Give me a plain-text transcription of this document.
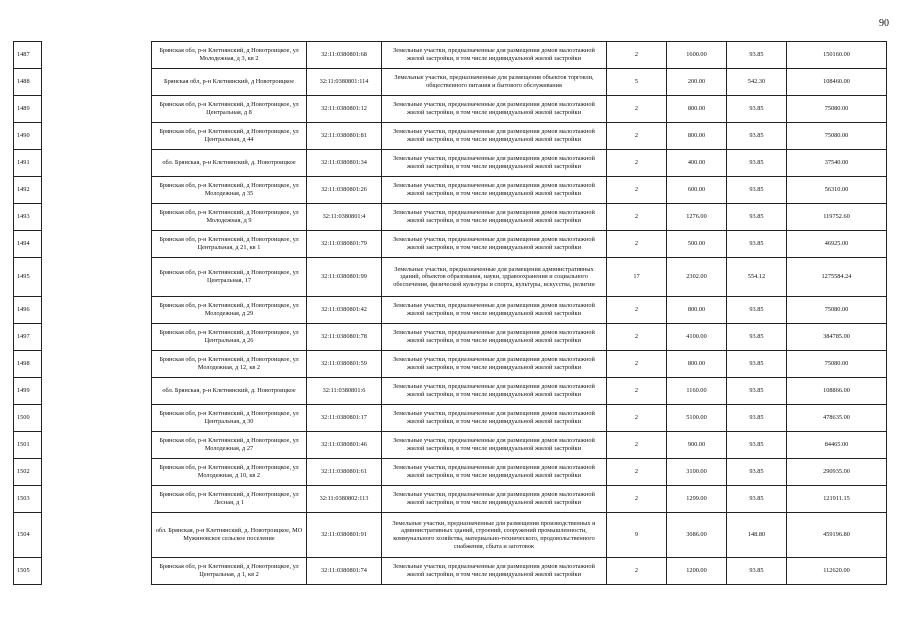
90
1487		Брянская обл, р-н Клетнянский, д Новотроицкое, ул Молодежная, д 3, кв 2	32:11:0380801:68	Земельные участки, предназначенные для размещения домов малоэтажной жилой застройки, в том числе индивидуальной жилой застройки	2	1600.00	93.85	150160.00
1488		Брянская обл, р-н Клетнянский, д Новотроицкое	32:11:0380801:114	Земельные участки, предназначенные для размещения объектов торговли, общественного питания и бытового обслуживания	5	200.00	542.30	108460.00
1489		Брянская обл, р-н Клетнянский, д Новотроицкое, ул Центральная, д 8	32:11:0380801:12	Земельные участки, предназначенные для размещения домов малоэтажной жилой застройки, в том числе индивидуальной жилой застройки	2	800.00	93.85	75080.00
1490		Брянская обл, р-н Клетнянский, д Новотроицкое, ул Центральная, д 44	32:11:0380801:81	Земельные участки, предназначенные для размещения домов малоэтажной жилой застройки, в том числе индивидуальной жилой застройки	2	800.00	93.85	75080.00
1491		обл. Брянская, р-н Клетнянский, д. Новотроицкое	32:11:0380801:34	Земельные участки, предназначенные для размещения домов малоэтажной жилой застройки, в том числе индивидуальной жилой застройки	2	400.00	93.85	37540.00
1492		Брянская обл, р-н Клетнянский, д Новотроицкое, ул Молодежная, д 35	32:11:0380801:26	Земельные участки, предназначенные для размещения домов малоэтажной жилой застройки, в том числе индивидуальной жилой застройки	2	600.00	93.85	56310.00
1493		Брянская обл, р-н Клетнянский, д Новотроицкое, ул Молодежная, д 9	32:11:0380801:4	Земельные участки, предназначенные для размещения домов малоэтажной жилой застройки, в том числе индивидуальной жилой застройки	2	1276.00	93.85	119752.60
1494		Брянская обл, р-н Клетнянский, д Новотроицкое, ул Центральная, д 21, кв 1	32:11:0380801:79	Земельные участки, предназначенные для размещения домов малоэтажной жилой застройки, в том числе индивидуальной жилой застройки	2	500.00	93.85	46925.00
1495		Брянская обл, р-н Клетнянский, д Новотроицкое, ул Центральная, 17	32:11:0380801:99	Земельные участки, предназначенные для размещения административных зданий, объектов образования, науки, здравоохранения и социального обеспечения, физической культуры и спорта, культуры, искусства, религии	17	2302.00	554.12	1275584.24
1496		Брянская обл, р-н Клетнянский, д Новотроицкое, ул Молодежная, д 29	32:11:0380801:42	Земельные участки, предназначенные для размещения домов малоэтажной жилой застройки, в том числе индивидуальной жилой застройки	2	800.00	93.85	75080.00
1497		Брянская обл, р-н Клетнянский, д Новотроицкое, ул Центральная, д 26	32:11:0380801:78	Земельные участки, предназначенные для размещения домов малоэтажной жилой застройки, в том числе индивидуальной жилой застройки	2	4100.00	93.85	384785.00
1498		Брянская обл, р-н Клетнянский, д Новотроицкое, ул Молодежная, д 12, кв 2	32:11:0380801:59	Земельные участки, предназначенные для размещения домов малоэтажной жилой застройки, в том числе индивидуальной жилой застройки	2	800.00	93.85	75080.00
1499		обл. Брянская, р-н Клетнянский, д. Новотроицкое	32:11:0380801:6	Земельные участки, предназначенные для размещения домов малоэтажной жилой застройки, в том числе индивидуальной жилой застройки	2	1160.00	93.85	108866.00
1500		Брянская обл, р-н Клетнянский, д Новотроицкое, ул Центральная, д 30	32:11:0380801:17	Земельные участки, предназначенные для размещения домов малоэтажной жилой застройки, в том числе индивидуальной жилой застройки	2	5100.00	93.85	478635.00
1501		Брянская обл, р-н Клетнянский, д Новотроицкое, ул Молодежная, д 27	32:11:0380801:46	Земельные участки, предназначенные для размещения домов малоэтажной жилой застройки, в том числе индивидуальной жилой застройки	2	900.00	93.85	84465.00
1502		Брянская обл, р-н Клетнянский, д Новотроицкое, ул Молодежная, д 10, кв 2	32:11:0380801:61	Земельные участки, предназначенные для размещения домов малоэтажной жилой застройки, в том числе индивидуальной жилой застройки	2	3100.00	93.85	290935.00
1503		Брянская обл, р-н Клетнянский, д Новотроицкое, ул Лесная, д 1	32:11:0380802:113	Земельные участки, предназначенные для размещения домов малоэтажной жилой застройки, в том числе индивидуальной жилой застройки	2	1299.00	93.85	121911.15
1504		обл. Брянская, р-н Клетнянский, д. Новотроицкое, МО Мужиновское сельское поселение	32:11:0380801:91	Земельные участки, предназначенные для размещения производственных и административных зданий, строений, сооружений промышленности, коммунального хозяйства, материально-технического, продовольственного снабжения, сбыта и заготовок	9	3086.00	148.80	459196.80
1505		Брянская обл, р-н Клетнянский, д Новотроицкое, ул Центральная, д 1, кв 2	32:11:0380801:74	Земельные участки, предназначенные для размещения домов малоэтажной жилой застройки, в том числе индивидуальной жилой застройки	2	1200.00	93.85	112620.00
